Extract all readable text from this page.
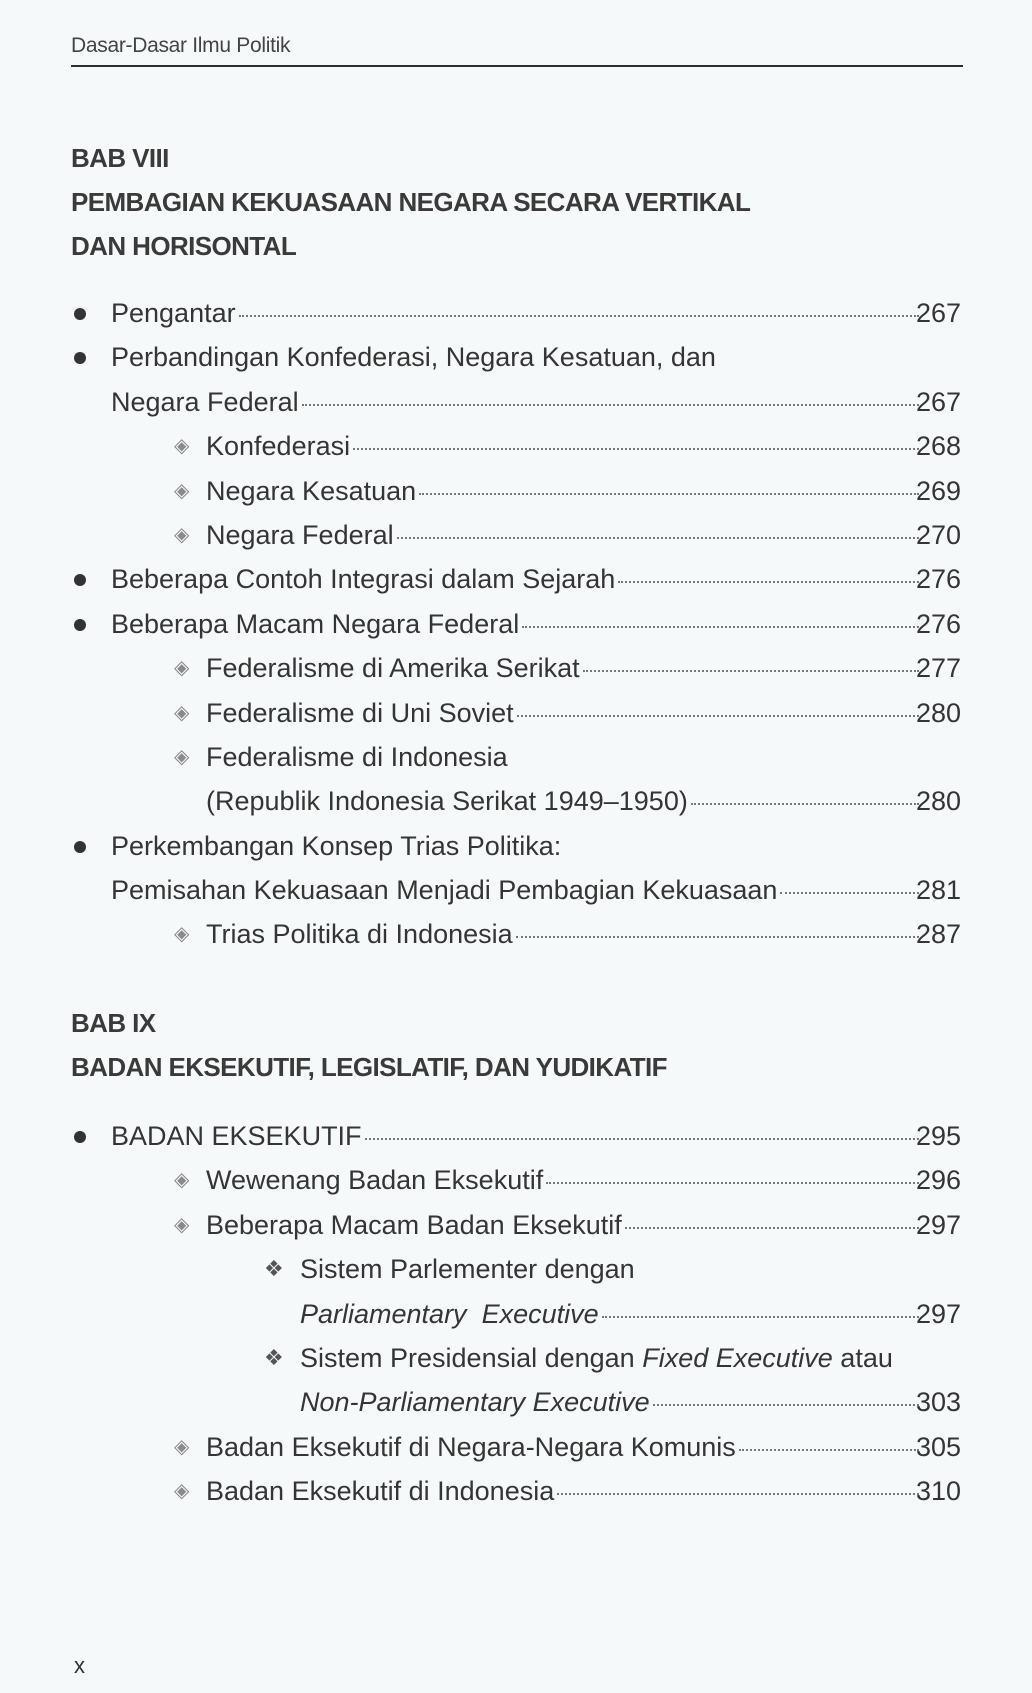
Dasar-Dasar Ilmu Politik
BAB VIII
PEMBAGIAN KEKUASAAN NEGARA SECARA VERTIKAL
DAN HORISONTAL
Pengantar	267
Perbandingan Konfederasi, Negara Kesatuan, dan
Negara Federal	267
◈ Konfederasi	268
◈ Negara Kesatuan	269
◈ Negara Federal	270
Beberapa Contoh Integrasi dalam Sejarah	276
Beberapa Macam Negara Federal	276
◈ Federalisme di Amerika Serikat	277
◈ Federalisme di Uni Soviet	280
◈ Federalisme di Indonesia
(Republik Indonesia Serikat 1949–1950)	280
Perkembangan Konsep Trias Politika:
Pemisahan Kekuasaan Menjadi Pembagian Kekuasaan	281
◈ Trias Politika di Indonesia	287
BAB IX
BADAN EKSEKUTIF, LEGISLATIF, DAN YUDIKATIF
BADAN EKSEKUTIF	295
◈ Wewenang Badan Eksekutif	296
◈ Beberapa Macam Badan Eksekutif	297
❖ Sistem Parlementer dengan
Parliamentary  Executive	297
❖ Sistem Presidensial dengan Fixed Executive atau
Non-Parliamentary Executive	303
◈ Badan Eksekutif di Negara-Negara Komunis	305
◈ Badan Eksekutif di Indonesia	310
x
